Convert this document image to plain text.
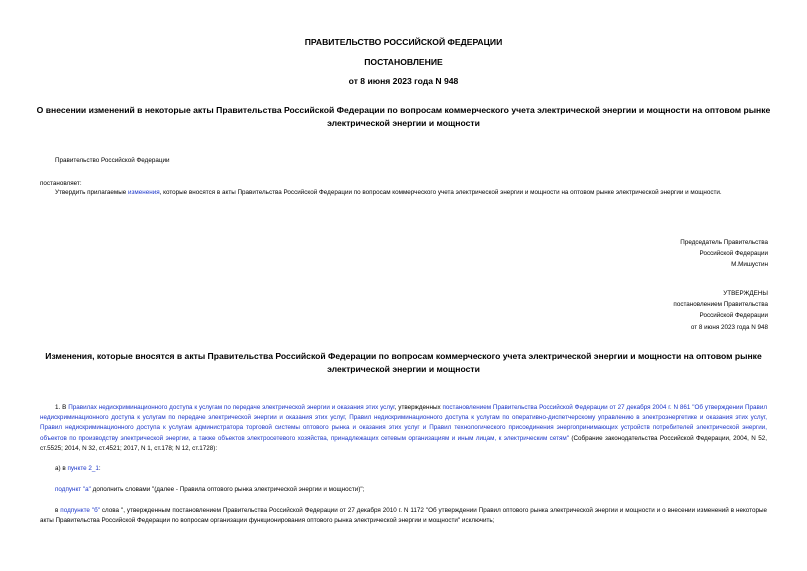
ПРАВИТЕЛЬСТВО РОССИЙСКОЙ ФЕДЕРАЦИИ
ПОСТАНОВЛЕНИЕ
от 8 июня 2023 года N 948
О внесении изменений в некоторые акты Правительства Российской Федерации по вопросам коммерческого учета электрической энергии и мощности на оптовом рынке электрической энергии и мощности
Правительство Российской Федерации
постановляет:
Утвердить прилагаемые изменения, которые вносятся в акты Правительства Российской Федерации по вопросам коммерческого учета электрической энергии и мощности на оптовом рынке электрической энергии и мощности.
Председатель Правительства
Российской Федерации
М.Мишустин
УТВЕРЖДЕНЫ
постановлением Правительства
Российской Федерации
от 8 июня 2023 года N 948
Изменения, которые вносятся в акты Правительства Российской Федерации по вопросам коммерческого учета электрической энергии и мощности на оптовом рынке электрической энергии и мощности
1. В Правилах недискриминационного доступа к услугам по передаче электрической энергии и оказания этих услуг, утвержденных постановлением Правительства Российской Федерации от 27 декабря 2004 г. N 861 "Об утверждении Правил недискриминационного доступа к услугам по передаче электрической энергии и оказания этих услуг, Правил недискриминационного доступа к услугам по оперативно-диспетчерскому управлению в электроэнергетике и оказания этих услуг, Правил недискриминационного доступа к услугам администратора торговой системы оптового рынка и оказания этих услуг и Правил технологического присоединения энергопринимающих устройств потребителей электрической энергии, объектов по производству электрической энергии, а также объектов электросетевого хозяйства, принадлежащих сетевым организациям и иным лицам, к электрическим сетям" (Собрание законодательства Российской Федерации, 2004, N 52, ст.5525; 2014, N 32, ст.4521; 2017, N 1, ст.178; N 12, ст.1728):
а) в пункте 2_1:
подпункт "а" дополнить словами "(далее - Правила оптового рынка электрической энергии и мощности)";
в подпункте "б" слова ", утвержденным постановлением Правительства Российской Федерации от 27 декабря 2010 г. N 1172 "Об утверждении Правил оптового рынка электрической энергии и мощности и о внесении изменений в некоторые акты Правительства Российской Федерации по вопросам организации функционирования оптового рынка электрической энергии и мощности" исключить;
